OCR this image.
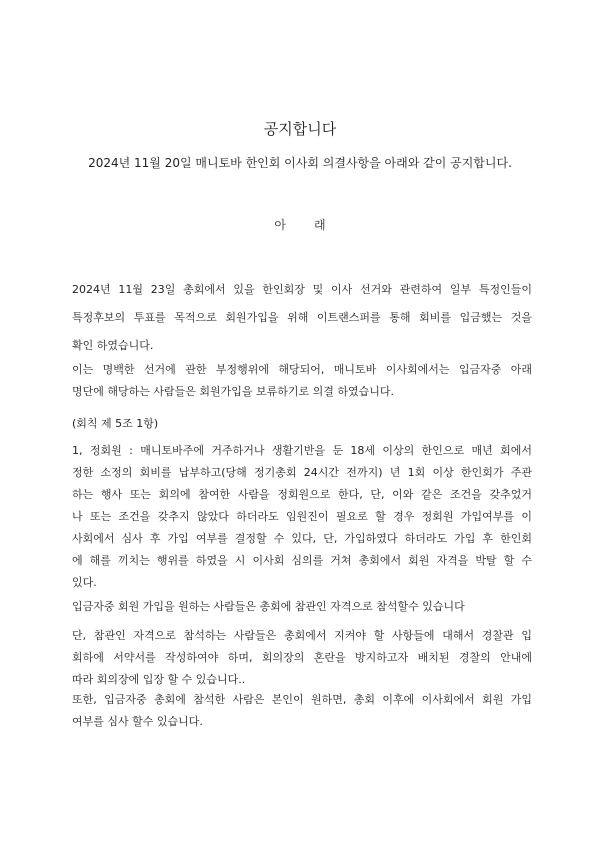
공지합니다
2024년 11월 20일 매니토바 한인회 이사회 의결사항을 아래와 같이 공지합니다.
아 래
2024년 11월 23일 총회에서 있을 한인회장 및 이사 선거와 관련하여 일부 특정인들이
특정후보의 투표를 목적으로 회원가입을 위해 이트랜스퍼를 통해 회비를 입금했는 것을
확인 하였습니다.
이는 명백한 선거에 관한 부정행위에 해당되어, 매니토바 이사회에서는 입금자중 아래
명단에 해당하는 사람들은 회원가입을 보류하기로 의결 하였습니다.
(회칙 제 5조 1항)
1, 정회원 : 매니토바주에 거주하거나 생활기반을 둔 18세 이상의 한인으로 매년 회에서
정한 소정의 회비를 납부하고(당해 정기총회 24시간 전까지) 년 1회 이상 한인회가 주관
하는 행사 또는 회의에 참여한 사람을 정회원으로 한다, 단, 이와 같은 조건을 갖추었거
나 또는 조건을 갖추지 않았다 하더라도 임원진이 필요로 할 경우 정회원 가입여부를 이
사회에서 심사 후 가입 여부를 결정할 수 있다, 단, 가입하였다 하더라도 가입 후 한인회
에 해를 끼치는 행위를 하였을 시 이사회 심의를 거쳐 총회에서 회원 자격을 박탈 할 수
있다.
입금자중 회원 가입을 원하는 사람들은 총회에 참관인 자격으로 참석할수 있습니다
단, 참관인 자격으로 참석하는 사람들은 총회에서 지켜야 할 사항들에 대해서 경찰관 입
회하에 서약서를 작성하여야 하며, 회의장의 혼란을 방지하고자 배치된 경찰의 안내에
따라 회의장에 입장 할 수 있습니다..
또한, 입금자중 총회에 참석한 사람은 본인이 원하면, 총회 이후에 이사회에서 회원 가입
여부를 심사 할수 있습니다.
